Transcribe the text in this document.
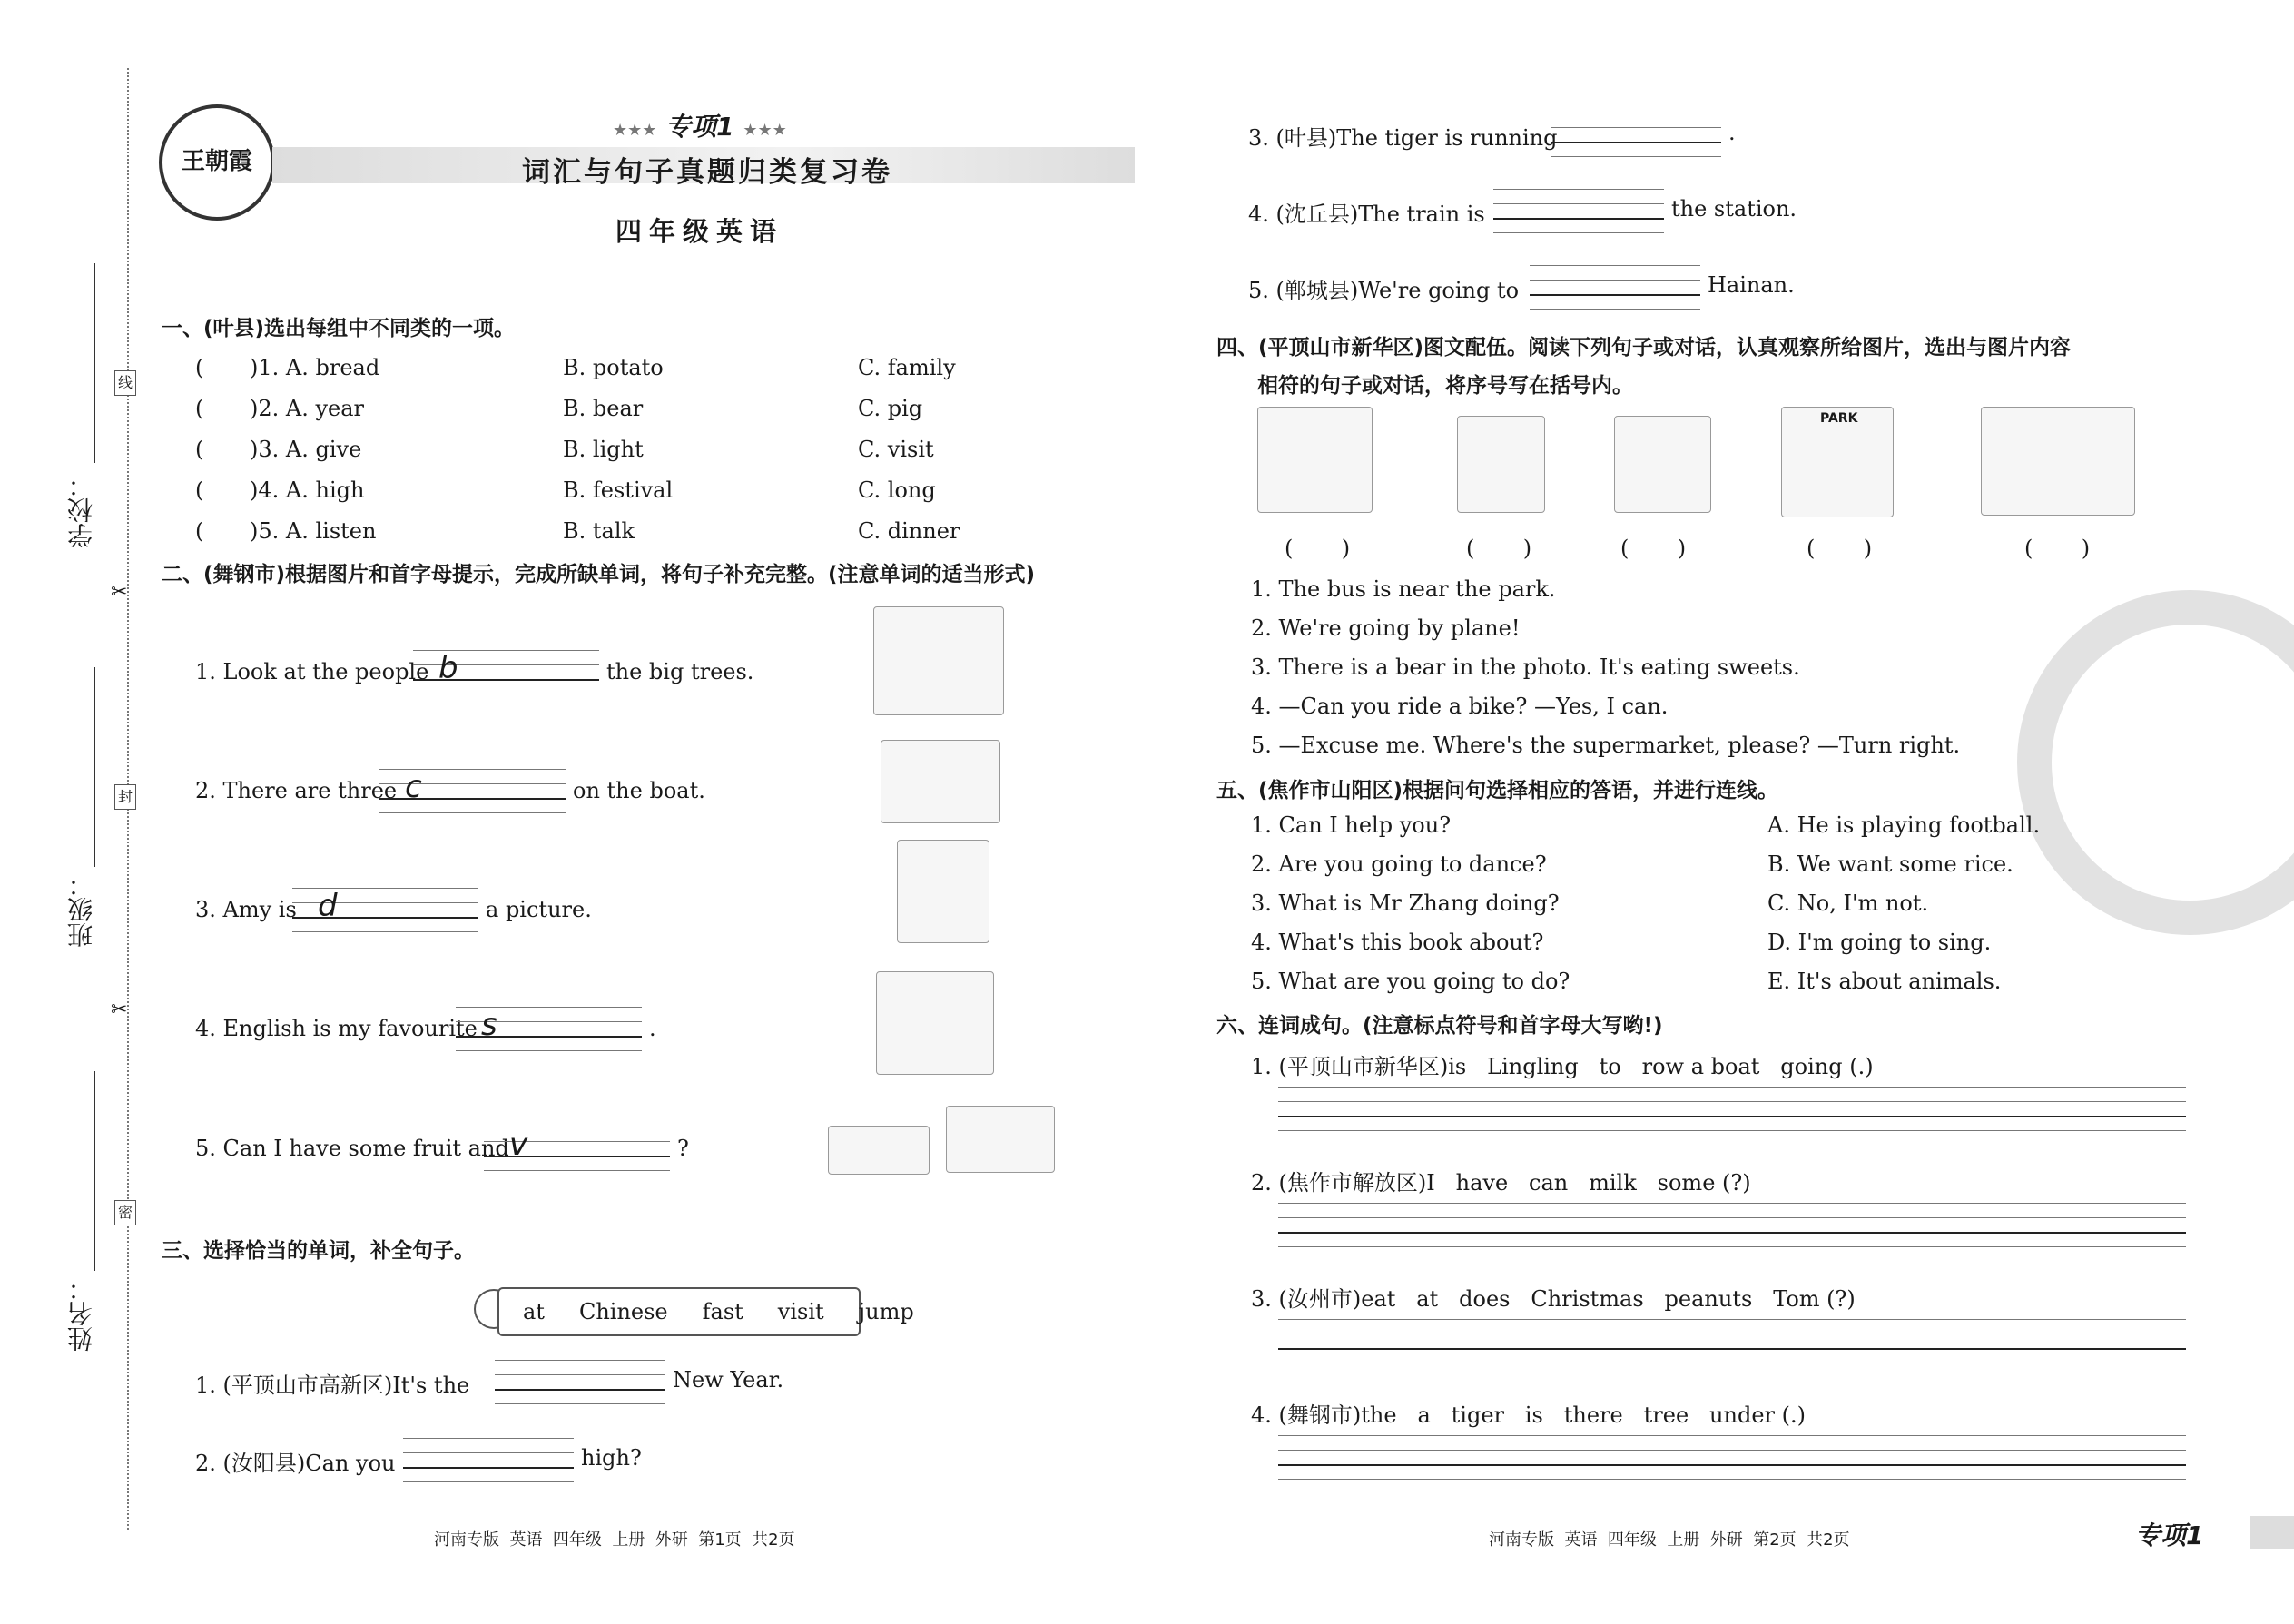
学校：
班级：
姓名：
线
封
密
✂
✂
王朝霞
★★★ 专项1 ★★★
词汇与句子真题归类复习卷
四年级英语
一、(叶县)选出每组中不同类的一项。
二、(舞钢市)根据图片和首字母提示，完成所缺单词，将句子补充完整。(注意单词的适当形式)
三、选择恰当的单词，补全句子。
at Chinese fast visit jump
四、(平顶山市新华区)图文配伍。阅读下列句子或对话，认真观察所给图片，选出与图片内容
相符的句子或对话，将序号写在括号内。
PARK
五、(焦作市山阳区)根据问句选择相应的答语，并进行连线。
六、连词成句。(注意标点符号和首字母大写哟!)
河南专版  英语  四年级  上册  外研  第1页  共2页	河南专版  英语  四年级  上册  外研  第2页  共2页	专项1
( )1. A. bread	B. potato	C. family
( )2. A. year	B. bear	C. pig
( )3. A. give	B. light	C. visit
( )4. A. high	B. festival	C. long
( )5. A. listen	B. talk	C. dinner
1. Look at the people b	the big trees.
2. There are three c	on the boat.
3. Amy is d	a picture.
4. English is my favourite s	.
5. Can I have some fruit and v	?
1. (平顶山市高新区)It's the	New Year.
2. (汝阳县)Can you	high?
3. (叶县)The tiger is running	.
4. (沈丘县)The train is	the station.
5. (郸城县)We're going to	Hainan.
(       )	(       )	(       )	(       )	(       )
1. The bus is near the park.
2. We're going by plane!
3. There is a bear in the photo. It's eating sweets.
4. —Can you ride a bike? —Yes, I can.
5. —Excuse me. Where's the supermarket, please? —Turn right.
1. Can I help you?	A. He is playing football.
2. Are you going to dance?	B. We want some rice.
3. What is Mr Zhang doing?	C. No, I'm not.
4. What's this book about?	D. I'm going to sing.
5. What are you going to do?	E. It's about animals.
1. (平顶山市新华区)is   Lingling   to   row a boat   going (.)
2. (焦作市解放区)I   have   can   milk   some (?)
3. (汝州市)eat   at   does   Christmas   peanuts   Tom (?)
4. (舞钢市)the   a   tiger   is   there   tree   under (.)
